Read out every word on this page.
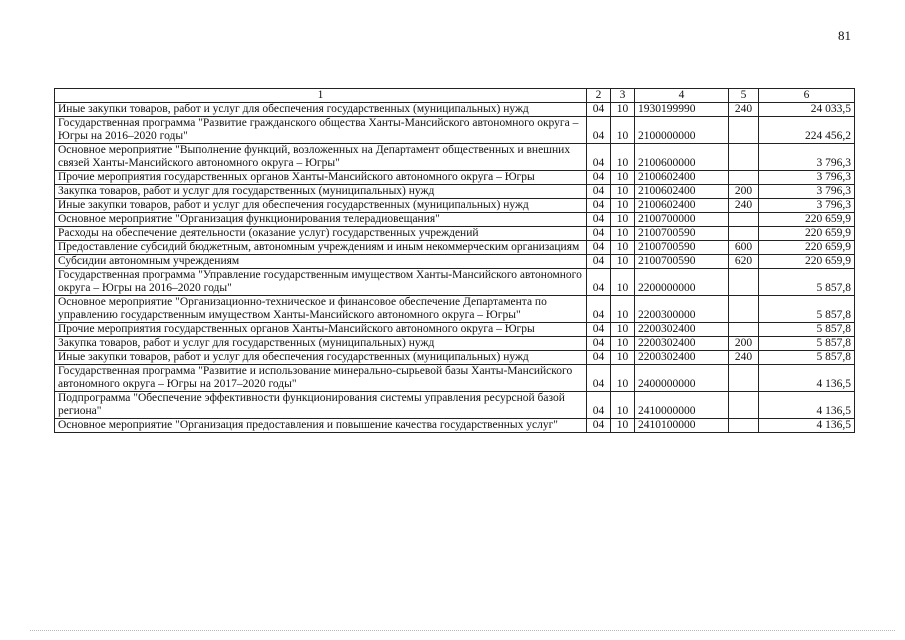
81
1	2	3	4	5	6
Иные закупки товаров, работ и услуг для обеспечения государственных (муниципальных) нужд	04	10	1930199990	240	24 033,5
Государственная программа "Развитие гражданского общества Ханты-Мансийского автономного округа – Югры на 2016–2020 годы"	04	10	2100000000		224 456,2
Основное мероприятие "Выполнение функций, возложенных на Департамент общественных и внешних связей Ханты-Мансийского автономного округа – Югры"	04	10	2100600000		3 796,3
Прочие мероприятия государственных органов Ханты-Мансийского автономного округа – Югры	04	10	2100602400		3 796,3
Закупка товаров, работ и услуг для государственных (муниципальных) нужд	04	10	2100602400	200	3 796,3
Иные закупки товаров, работ и услуг для обеспечения государственных (муниципальных) нужд	04	10	2100602400	240	3 796,3
Основное мероприятие "Организация функционирования телерадиовещания"	04	10	2100700000		220 659,9
Расходы на обеспечение деятельности (оказание услуг) государственных учреждений	04	10	2100700590		220 659,9
Предоставление субсидий бюджетным, автономным учреждениям и иным некоммерческим организациям	04	10	2100700590	600	220 659,9
Субсидии автономным учреждениям	04	10	2100700590	620	220 659,9
Государственная программа "Управление государственным имуществом Ханты-Мансийского автономного округа – Югры на 2016–2020 годы"	04	10	2200000000		5 857,8
Основное мероприятие "Организационно-техническое и финансовое обеспечение Департамента по управлению государственным имуществом Ханты-Мансийского автономного округа – Югры"	04	10	2200300000		5 857,8
Прочие мероприятия государственных органов Ханты-Мансийского автономного округа – Югры	04	10	2200302400		5 857,8
Закупка товаров, работ и услуг для государственных (муниципальных) нужд	04	10	2200302400	200	5 857,8
Иные закупки товаров, работ и услуг для обеспечения государственных (муниципальных) нужд	04	10	2200302400	240	5 857,8
Государственная программа "Развитие и использование минерально-сырьевой базы Ханты-Мансийского автономного округа – Югры на 2017–2020 годы"	04	10	2400000000		4 136,5
Подпрограмма "Обеспечение эффективности функционирования системы управления ресурсной базой региона"	04	10	2410000000		4 136,5
Основное мероприятие "Организация предоставления и повышение качества государственных услуг"	04	10	2410100000		4 136,5
